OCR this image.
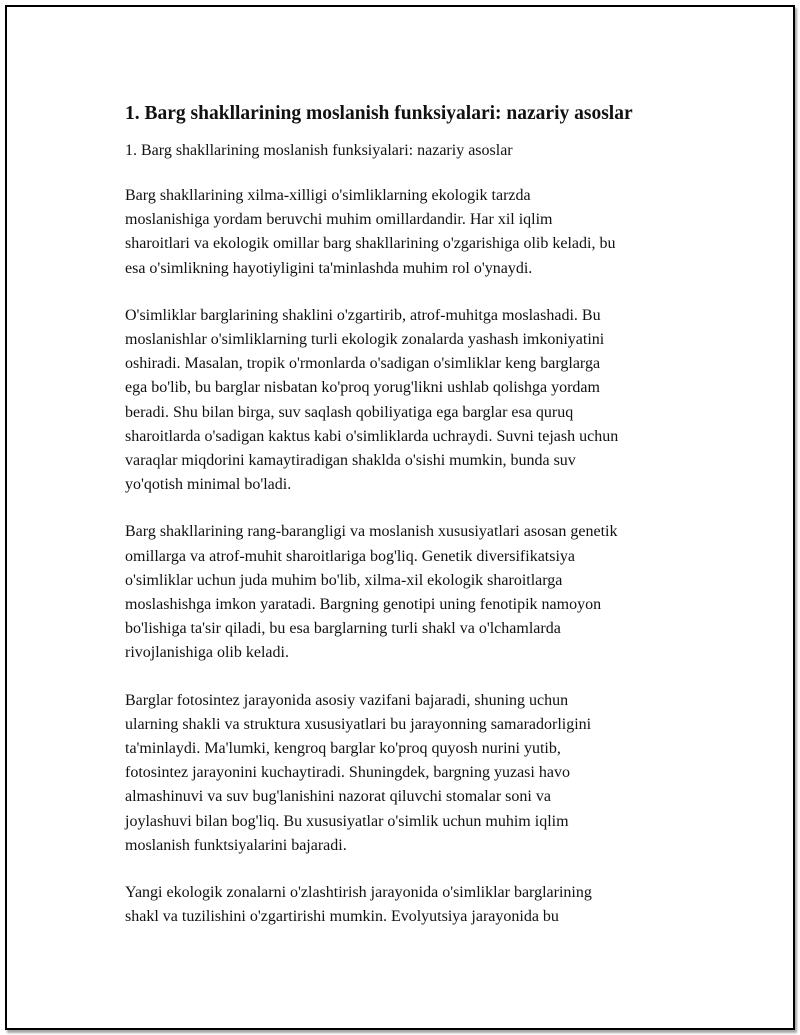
1. Barg shakllarining moslanish funksiyalari: nazariy asoslar

1. Barg shakllarining moslanish funksiyalari: nazariy asoslar

Barg shakllarining xilma-xilligi o'simliklarning ekologik tarzda
moslanishiga yordam beruvchi muhim omillardandir. Har xil iqlim
sharoitlari va ekologik omillar barg shakllarining o'zgarishiga olib keladi, bu
esa o'simlikning hayotiyligini ta'minlashda muhim rol o'ynaydi.

O'simliklar barglarining shaklini o'zgartirib, atrof-muhitga moslashadi. Bu
moslanishlar o'simliklarning turli ekologik zonalarda yashash imkoniyatini
oshiradi. Masalan, tropik o'rmonlarda o'sadigan o'simliklar keng barglarga
ega bo'lib, bu barglar nisbatan ko'proq yorug'likni ushlab qolishga yordam
beradi. Shu bilan birga, suv saqlash qobiliyatiga ega barglar esa quruq
sharoitlarda o'sadigan kaktus kabi o'simliklarda uchraydi. Suvni tejash uchun
varaqlar miqdorini kamaytiradigan shaklda o'sishi mumkin, bunda suv
yo'qotish minimal bo'ladi.

Barg shakllarining rang-barangligi va moslanish xususiyatlari asosan genetik
omillarga va atrof-muhit sharoitlariga bog'liq. Genetik diversifikatsiya
o'simliklar uchun juda muhim bo'lib, xilma-xil ekologik sharoitlarga
moslashishga imkon yaratadi. Bargning genotipi uning fenotipik namoyon
bo'lishiga ta'sir qiladi, bu esa barglarning turli shakl va o'lchamlarda
rivojlanishiga olib keladi.

Barglar fotosintez jarayonida asosiy vazifani bajaradi, shuning uchun
ularning shakli va struktura xususiyatlari bu jarayonning samaradorligini
ta'minlaydi. Ma'lumki, kengroq barglar ko'proq quyosh nurini yutib,
fotosintez jarayonini kuchaytiradi. Shuningdek, bargning yuzasi havo
almashinuvi va suv bug'lanishini nazorat qiluvchi stomalar soni va
joylashuvi bilan bog'liq. Bu xususiyatlar o'simlik uchun muhim iqlim
moslanish funktsiyalarini bajaradi.

Yangi ekologik zonalarni o'zlashtirish jarayonida o'simliklar barglarining
shakl va tuzilishini o'zgartirishi mumkin. Evolyutsiya jarayonida bu
